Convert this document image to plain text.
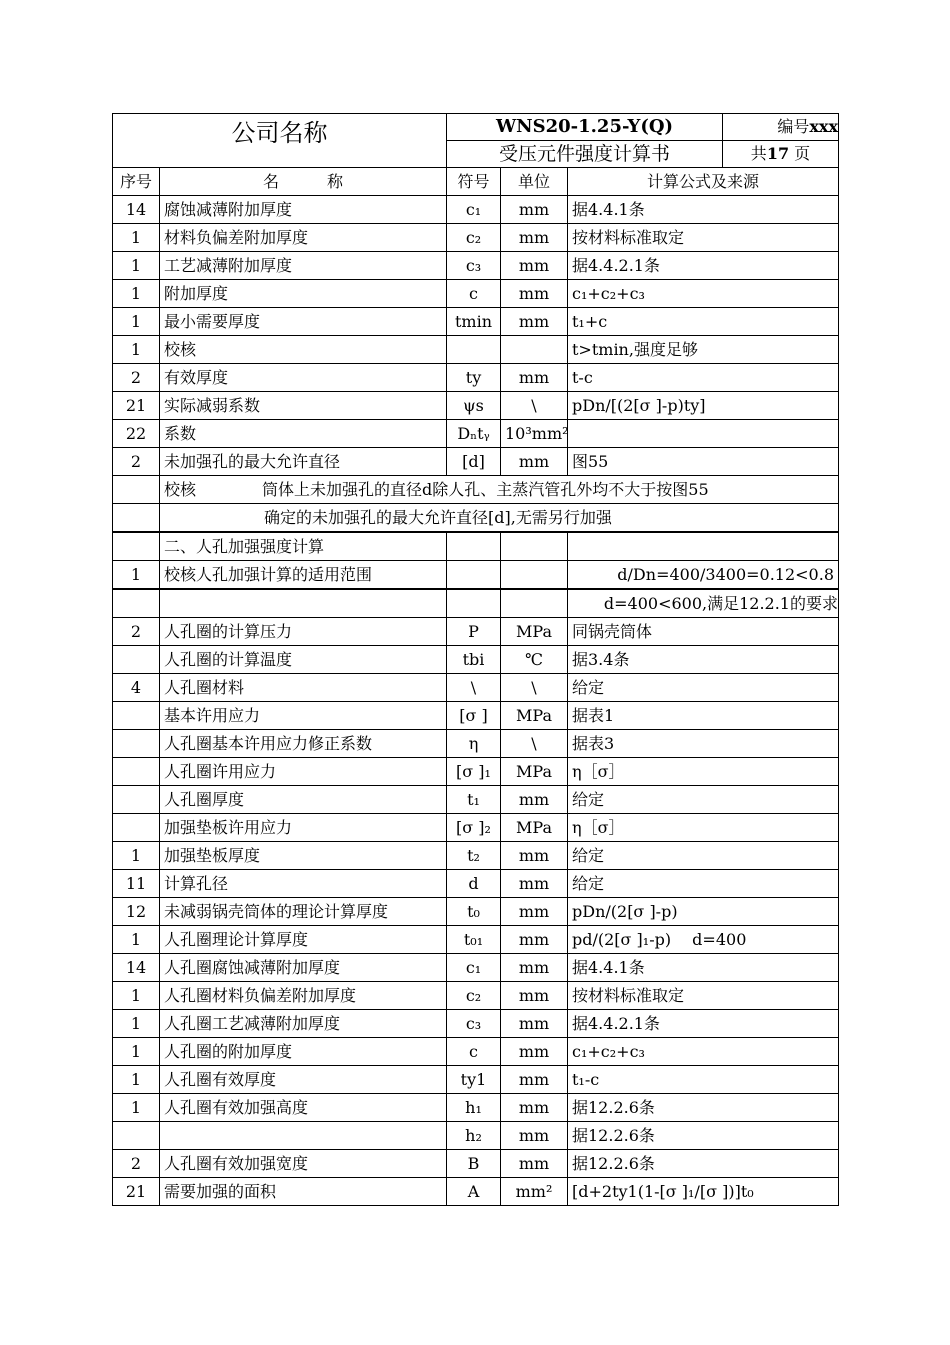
公司名称		WNS20-1.25-Y(Q)			编号xxx
		受压元件强度计算书			共17 页
序号	名　　　称	符号	单位	计算公式及来源	
14	腐蚀减薄附加厚度	c₁	mm	据4.4.1条	
1	材料负偏差附加厚度	c₂	mm	按材料标准取定	
1	工艺减薄附加厚度	c₃	mm	据4.4.2.1条	
1	附加厚度	c	mm	c₁+c₂+c₃	
1	最小需要厚度	tmin	mm	t₁+c	
1	校核			t>tmin,强度足够	
2	有效厚度	ty	mm	t-c	
21	实际减弱系数	ψs	\	pDn/[(2[σ ]-p)ty]	
22	系数	Dₙtᵧ	10³mm²		
2	未加强孔的最大允许直径	[d]	mm	图55	
	校核 筒体上未加强孔的直径d除人孔、主蒸汽管孔外均不大于按图55				
	确定的未加强孔的最大允许直径[d],无需另行加强				
	二、人孔加强强度计算				
1	校核人孔加强计算的适用范围			d/Dn=400/3400=0.12<0.8	
				d=400<600,满足12.2.1的要求	
2	人孔圈的计算压力	P	MPa	同锅壳筒体	
	人孔圈的计算温度	tbi	℃	据3.4条	
4	人孔圈材料	\	\	给定	
	基本许用应力	[σ ]	MPa	据表1	
	人孔圈基本许用应力修正系数	η	\	据表3	
	人孔圈许用应力	[σ ]₁	MPa	η［σ］	
	人孔圈厚度	t₁	mm	给定	
	加强垫板许用应力	[σ ]₂	MPa	η［σ］	
1	加强垫板厚度	t₂	mm	给定	
11	计算孔径	d	mm	给定	
12	未减弱锅壳筒体的理论计算厚度	t₀	mm	pDn/(2[σ ]-p)	
1	人孔圈理论计算厚度	t₀₁	mm	pd/(2[σ ]₁-p)　 d=400	
14	人孔圈腐蚀减薄附加厚度	c₁	mm	据4.4.1条	
1	人孔圈材料负偏差附加厚度	c₂	mm	按材料标准取定	
1	人孔圈工艺减薄附加厚度	c₃	mm	据4.4.2.1条	
1	人孔圈的附加厚度	c	mm	c₁+c₂+c₃	
1	人孔圈有效厚度	ty1	mm	t₁-c	
1	人孔圈有效加强高度	h₁	mm	据12.2.6条	
		h₂	mm	据12.2.6条	
2	人孔圈有效加强宽度	B	mm	据12.2.6条	
21	需要加强的面积	A	mm²	[d+2ty1(1-[σ ]₁/[σ ])]t₀	
